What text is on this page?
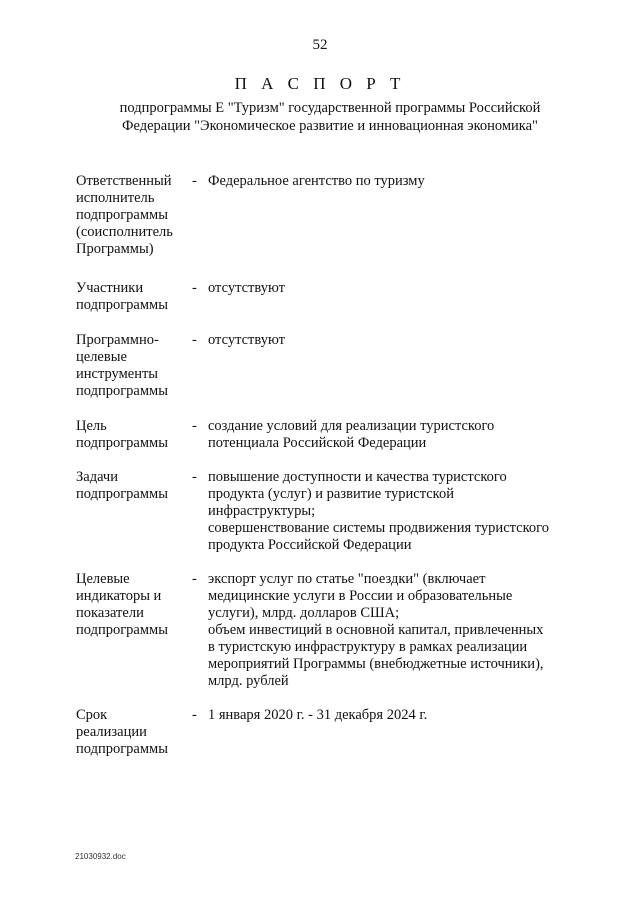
52
П А С П О Р Т
подпрограммы Е "Туризм" государственной программы Российской
Федерации "Экономическое развитие и инновационная экономика"
Ответственный
исполнитель
подпрограммы
(соисполнитель
Программы)
- Федеральное агентство по туризму
Участники
подпрограммы
- отсутствуют
Программно-
целевые
инструменты
подпрограммы
- отсутствуют
Цель
подпрограммы
- создание условий для реализации туристского
потенциала Российской Федерации
Задачи
подпрограммы
- повышение доступности и качества туристского
продукта (услуг) и развитие туристской
инфраструктуры;
совершенствование системы продвижения туристского
продукта Российской Федерации
Целевые
индикаторы и
показатели
подпрограммы
- экспорт услуг по статье "поездки" (включает
медицинские услуги в России и образовательные
услуги), млрд. долларов США;
объем инвестиций в основной капитал, привлеченных
в туристскую инфраструктуру в рамках реализации
мероприятий Программы (внебюджетные источники),
млрд. рублей
Срок
реализации
подпрограммы
- 1 января 2020 г. - 31 декабря 2024 г.
21030932.doc
